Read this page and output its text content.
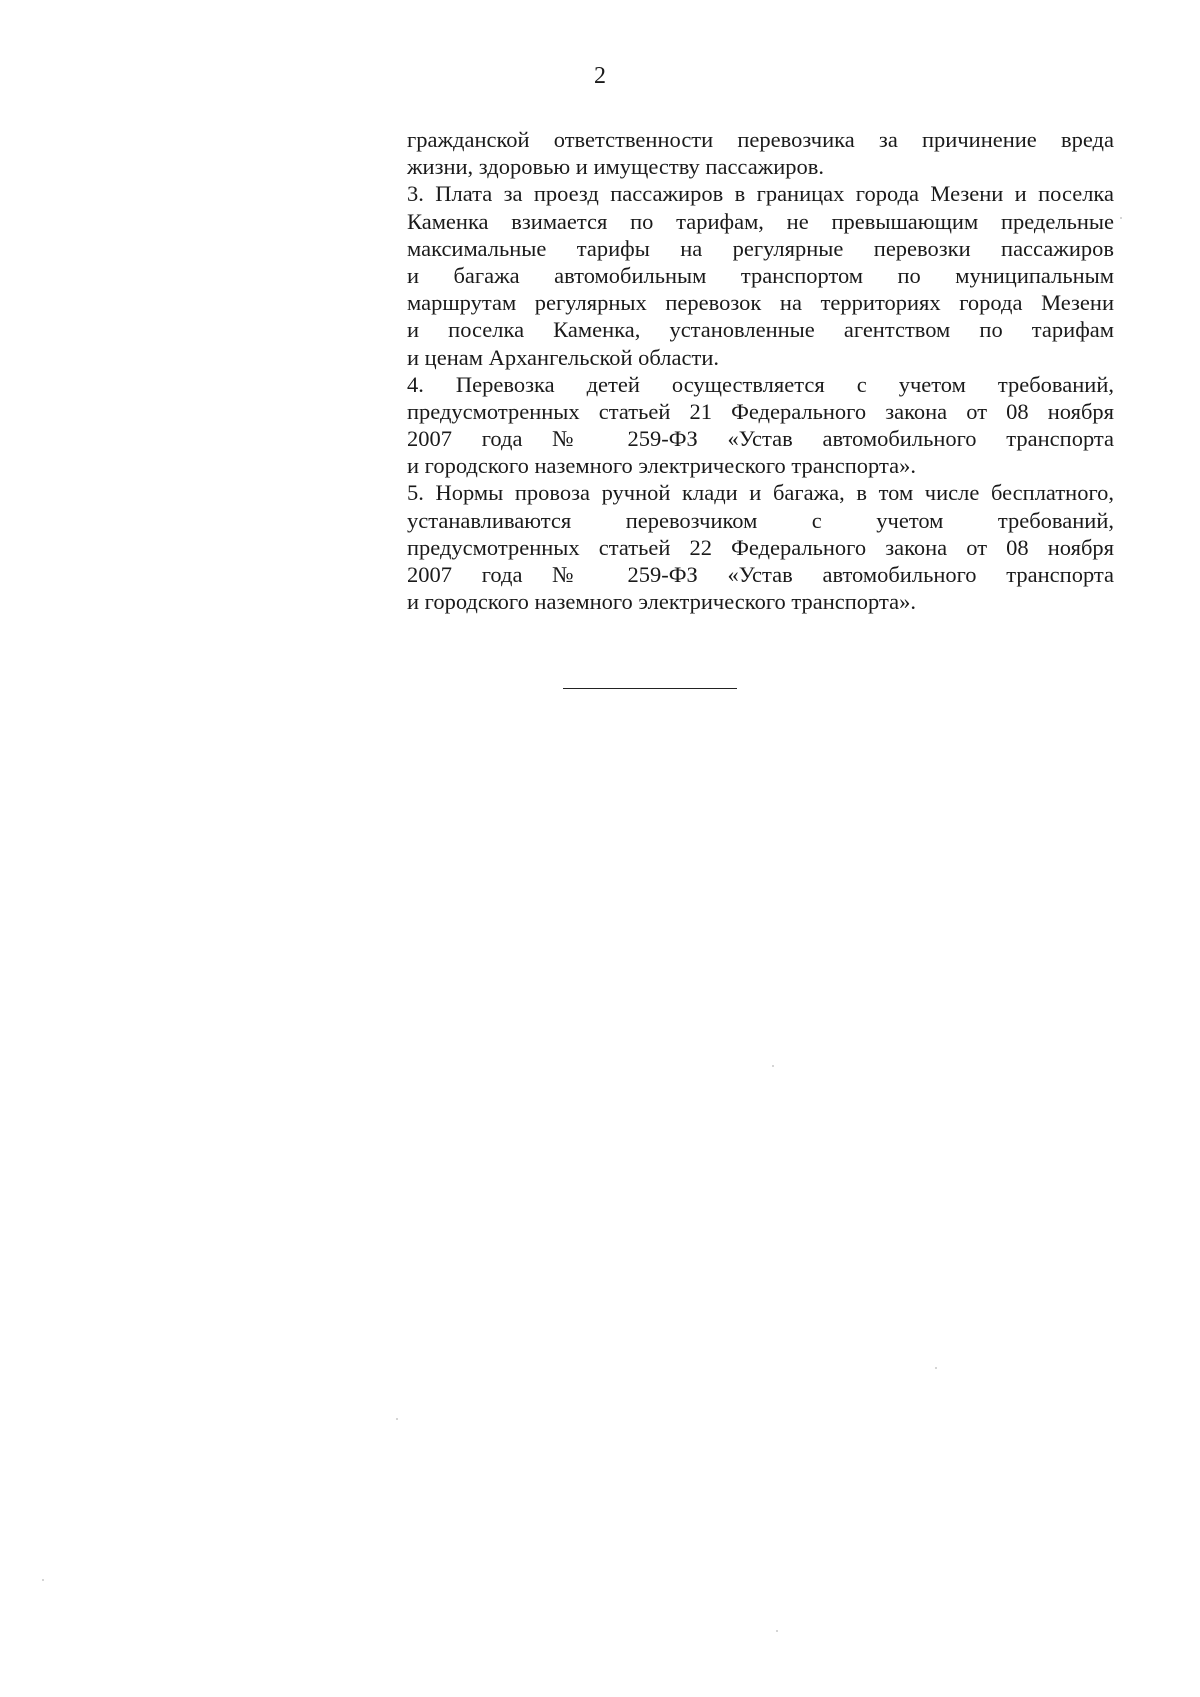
2
гражданской ответственности перевозчика за причинение вреда
жизни, здоровью и имуществу пассажиров.
3. Плата за проезд пассажиров в границах города Мезени и поселка
Каменка взимается по тарифам, не превышающим предельные
максимальные тарифы на регулярные перевозки пассажиров
и багажа автомобильным транспортом по муниципальным
маршрутам регулярных перевозок на территориях города Мезени
и поселка Каменка, установленные агентством по тарифам
и ценам Архангельской области.
4. Перевозка детей осуществляется с учетом требований,
предусмотренных статьей 21 Федерального закона от 08 ноября
2007 года № 259-ФЗ «Устав автомобильного транспорта
и городского наземного электрического транспорта».
5. Нормы провоза ручной клади и багажа, в том числе бесплатного,
устанавливаются перевозчиком с учетом требований,
предусмотренных статьей 22 Федерального закона от 08 ноября
2007 года № 259-ФЗ «Устав автомобильного транспорта
и городского наземного электрического транспорта».
